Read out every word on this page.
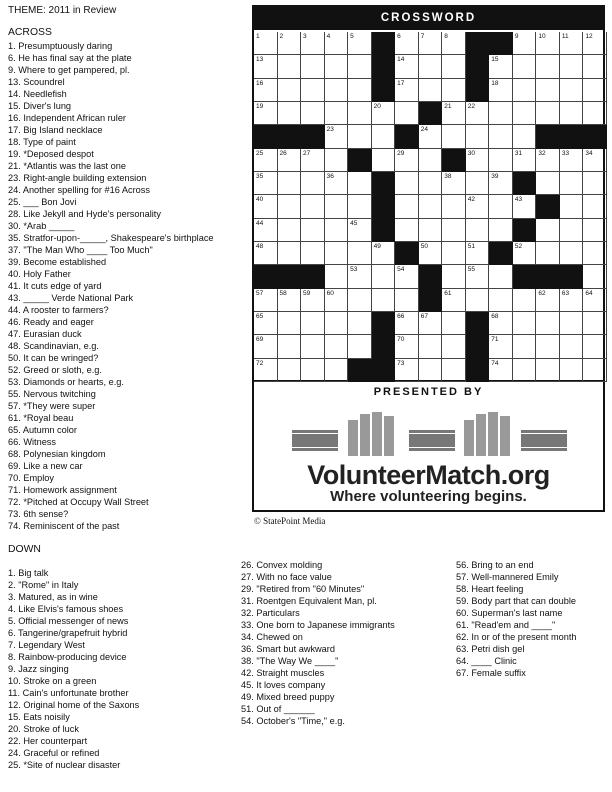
THEME: 2011 in Review
ACROSS
1. Presumptuously daring
6. He has final say at the plate
9. Where to get pampered, pl.
13. Scoundrel
14. Needlefish
15. Diver's lung
16. Independent African ruler
17. Big Island necklace
18. Type of paint
19. *Deposed despot
21. *Atlantis was the last one
23. Right-angle building extension
24. Another spelling for #16 Across
25. ___ Bon Jovi
28. Like Jekyll and Hyde's personality
30. *Arab _____
35. Stratfor-upon-_____, Shakespeare's birthplace
37. "The Man Who ____ Too Much"
39. Become established
40. Holy Father
41. It cuts edge of yard
43. _____ Verde National Park
44. A rooster to farmers?
46. Ready and eager
47. Eurasian duck
48. Scandinavian, e.g.
50. It can be wringed?
52. Greed or sloth, e.g.
53. Diamonds or hearts, e.g.
55. Nervous twitching
57. *They were super
61. *Royal beau
65. Autumn color
66. Witness
68. Polynesian kingdom
69. Like a new car
70. Employ
71. Homework assignment
72. *Pitched at Occupy Wall Street
73. 6th sense?
74. Reminiscent of the past
DOWN
1. Big talk
2. "Rome" in Italy
3. Matured, as in wine
4. Like Elvis's famous shoes
5. Official messenger of news
6. Tangerine/grapefruit hybrid
7. Legendary West
8. Rainbow-producing device
9. Jazz singing
10. Stroke on a green
11. Cain's unfortunate brother
12. Original home of the Saxons
15. Eats noisily
20. Stroke of luck
22. Her counterpart
24. Graceful or refined
25. *Site of nuclear disaster
26. Convex molding
27. With no face value
29. "Retired from "60 Minutes"
31. Roentgen Equivalent Man, pl.
32. Particulars
33. One born to Japanese immigrants
34. Chewed on
36. Smart but awkward
38. "The Way We ____"
42. Straight muscles
45. It loves company
49. Mixed breed puppy
51. Out of ______
54. October's "Time," e.g.
56. Bring to an end
57. Well-mannered Emily
58. Heart feeling
59. Body part that can double
60. Superman's last name
61. "Read'em and ____"
62. In or of the present month
63. Petri dish gel
64. ____ Clinic
67. Female suffix
CROSSWORD
1	2	3	4	5	6	7	8	9	10	11	12
13	14	15
16	17	18
19	20	21	22
23	24
25	26	27	29	30	31	32	33	34
35	36	38	39
40	42	43
44	45
48	49	50	51	52
53	54	55
57	58	59	60	61	62	63	64
65	66	67	68
69	70	71
72	73	74
PRESENTED BY
VolunteerMatch.org
Where volunteering begins.
© StatePoint Media
